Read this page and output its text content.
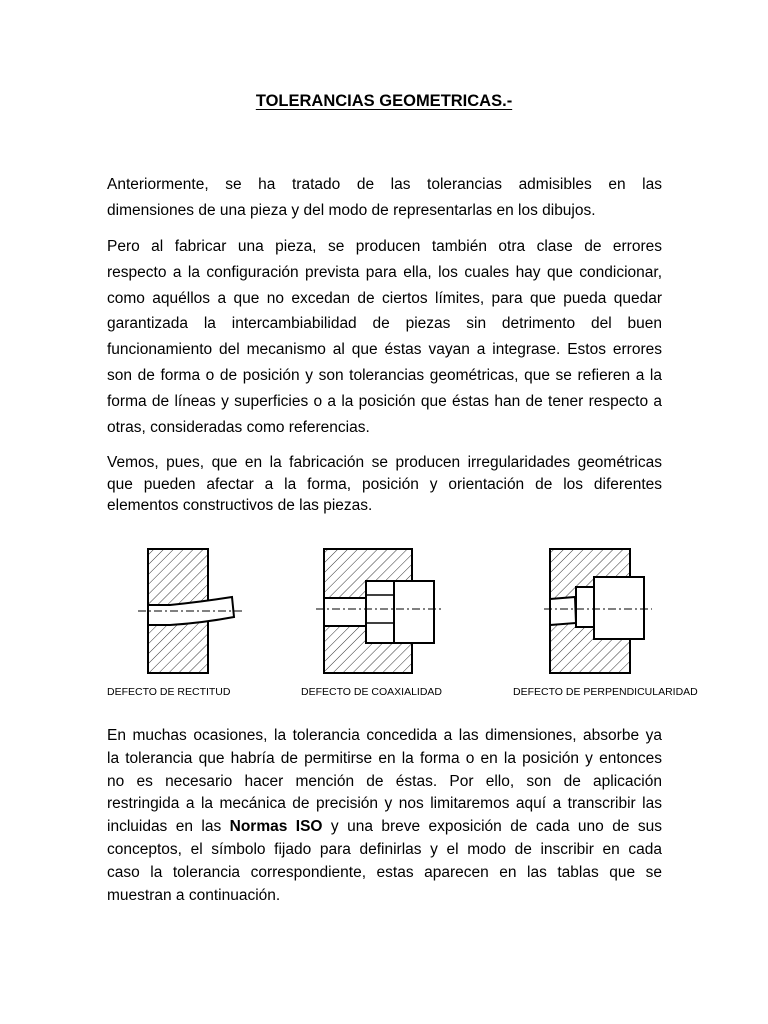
TOLERANCIAS GEOMETRICAS.-
Anteriormente, se ha tratado de las tolerancias admisibles en las
dimensiones de una pieza y del modo de representarlas en los dibujos.
Pero al fabricar una pieza, se producen también otra clase de errores
respecto a la configuración prevista para ella, los cuales hay que condicionar,
como aquéllos a que no excedan de ciertos límites, para que pueda quedar
garantizada la intercambiabilidad de piezas sin detrimento del buen
funcionamiento del mecanismo al que éstas vayan a integrase. Estos errores
son de forma o de posición y son tolerancias geométricas, que se refieren a la
forma de líneas y superficies o a la posición que éstas han de tener respecto a
otras, consideradas como referencias.
Vemos, pues, que en la fabricación se producen irregularidades geométricas
que pueden afectar a la forma, posición y orientación de los diferentes
elementos constructivos de las piezas.
DEFECTO DE RECTITUD	DEFECTO DE COAXIALIDAD	DEFECTO DE PERPENDICULARIDAD
En muchas ocasiones, la tolerancia concedida a las dimensiones, absorbe ya
la tolerancia que habría de permitirse en la forma o en la posición y entonces
no es necesario hacer mención de éstas. Por ello, son de aplicación
restringida a la mecánica de precisión y nos limitaremos aquí a transcribir las
incluidas en las Normas ISO y una breve exposición de cada uno de sus
conceptos, el símbolo fijado para definirlas y el modo de inscribir en cada
caso la tolerancia correspondiente, estas aparecen en las tablas que se
muestran a continuación.
